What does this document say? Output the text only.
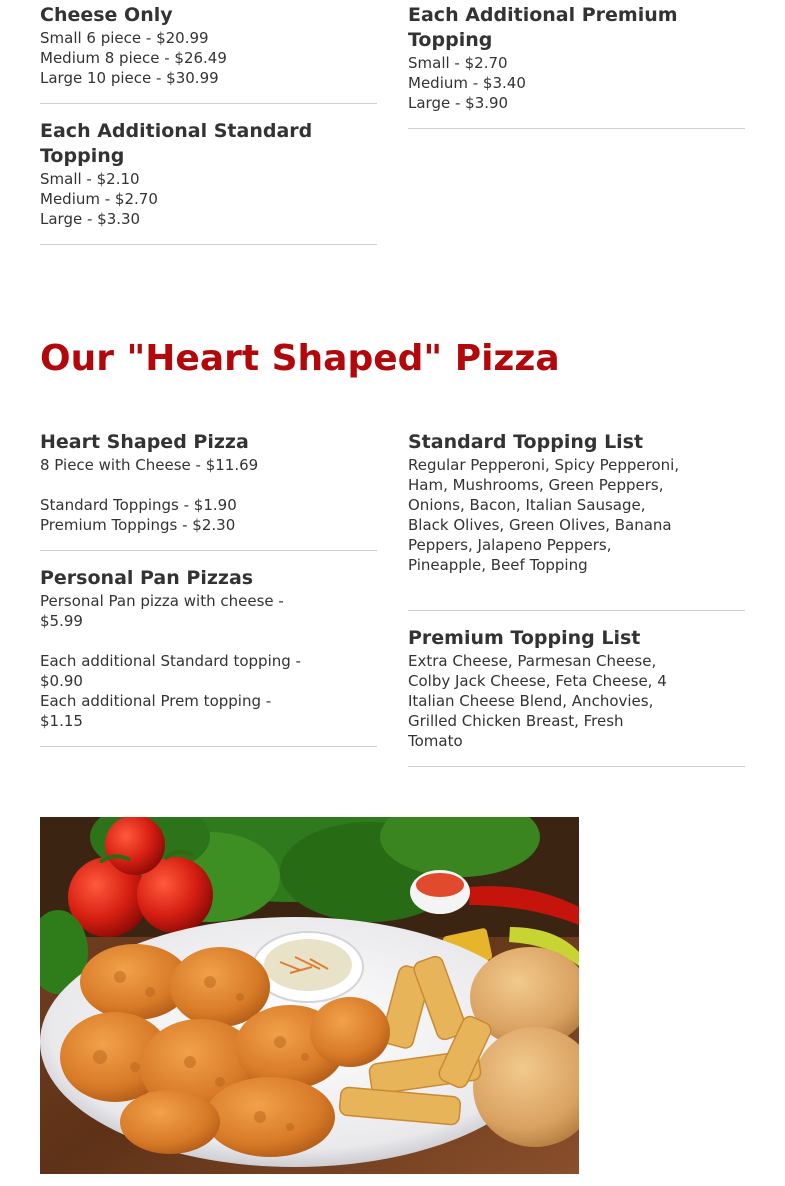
Cheese Only
Small 6 piece - $20.99
Medium 8 piece - $26.49
Large 10 piece - $30.99
Each Additional Standard Topping
Small - $2.10
Medium - $2.70
Large - $3.30
Each Additional Premium Topping
Small - $2.70
Medium - $3.40
Large - $3.90
Our "Heart Shaped" Pizza
Heart Shaped Pizza
8 Piece with Cheese - $11.69
Standard Toppings - $1.90
Premium Toppings - $2.30
Personal Pan Pizzas
Personal Pan pizza with cheese - $5.99
Each additional Standard topping - $0.90
Each additional Prem topping - $1.15
Standard Topping List
Regular Pepperoni, Spicy Pepperoni, Ham, Mushrooms, Green Peppers, Onions, Bacon, Italian Sausage, Black Olives, Green Olives, Banana Peppers, Jalapeno Peppers, Pineapple, Beef Topping
Premium Topping List
Extra Cheese, Parmesan Cheese, Colby Jack Cheese, Feta Cheese, 4 Italian Cheese Blend, Anchovies, Grilled Chicken Breast, Fresh Tomato
